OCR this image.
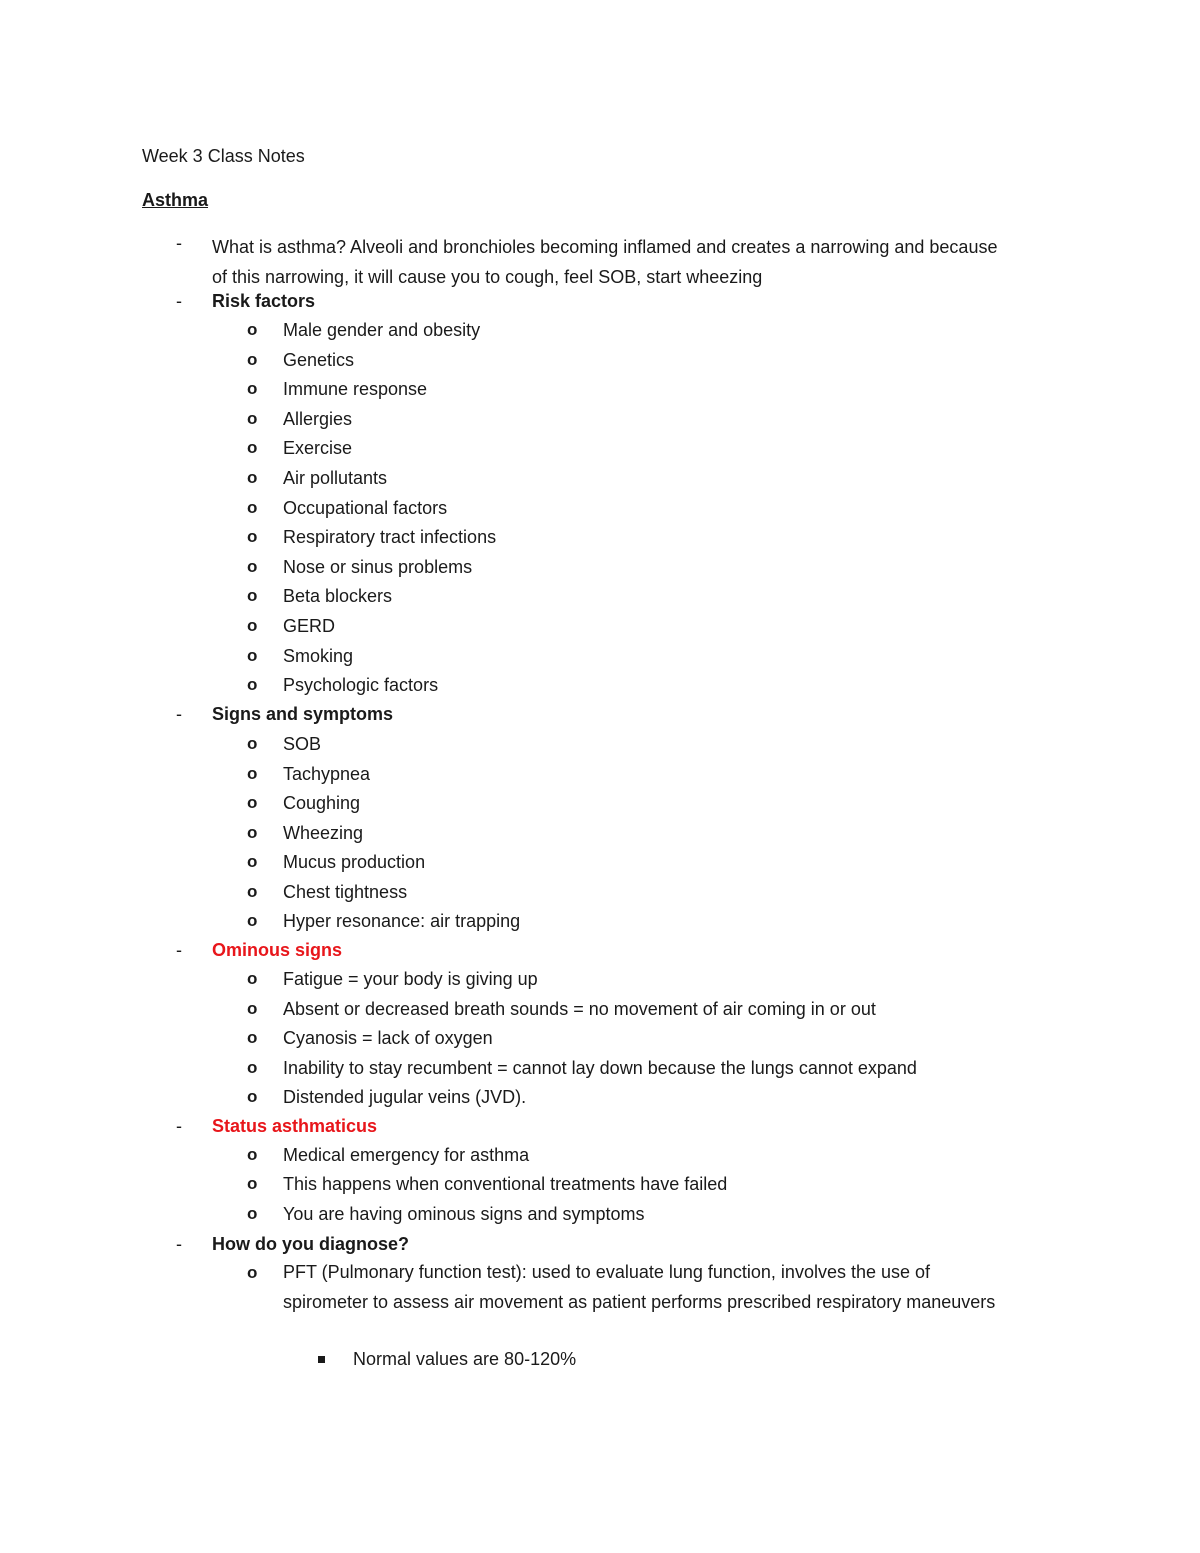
Week 3 Class Notes
Asthma
-	What is asthma? Alveoli and bronchioles becoming inflamed and creates a narrowing and because of this narrowing, it will cause you to cough, feel SOB, start wheezing
-	Risk factors
o Male gender and obesity
o Genetics
o Immune response
o Allergies
o Exercise
o Air pollutants
o Occupational factors
o Respiratory tract infections
o Nose or sinus problems
o Beta blockers
o GERD
o Smoking
o Psychologic factors
-	Signs and symptoms
o SOB
o Tachypnea
o Coughing
o Wheezing
o Mucus production
o Chest tightness
o Hyper resonance: air trapping
-	Ominous signs
o Fatigue = your body is giving up
o Absent or decreased breath sounds = no movement of air coming in or out
o Cyanosis = lack of oxygen
o Inability to stay recumbent = cannot lay down because the lungs cannot expand
o Distended jugular veins (JVD).
-	Status asthmaticus
o Medical emergency for asthma
o This happens when conventional treatments have failed
o You are having ominous signs and symptoms
-	How do you diagnose?
o PFT (Pulmonary function test): used to evaluate lung function, involves the use of spirometer to assess air movement as patient performs prescribed respiratory maneuvers
Normal values are 80-120%
